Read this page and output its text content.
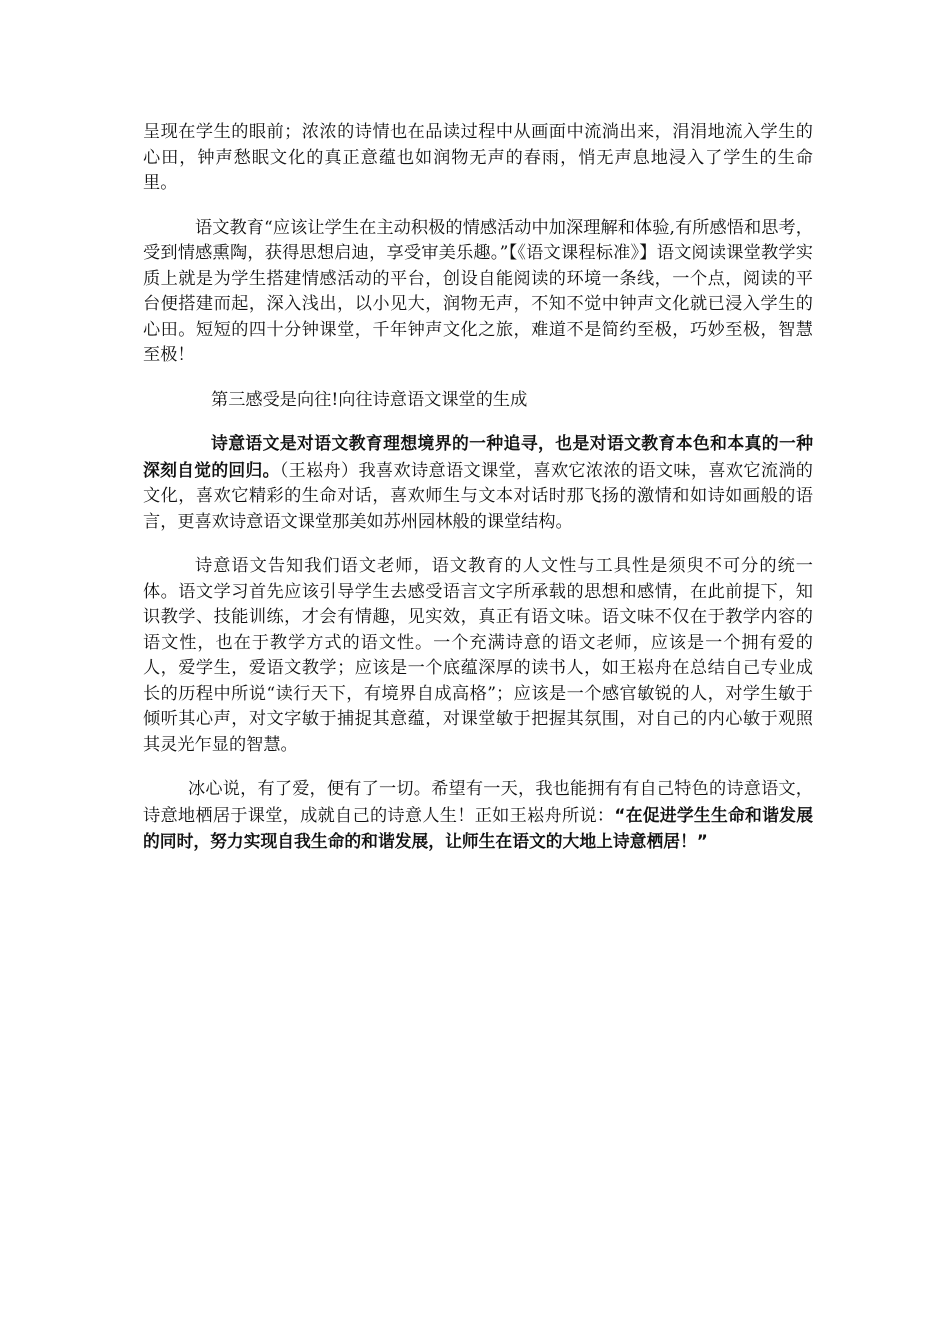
呈现在学生的眼前；浓浓的诗情也在品读过程中从画面中流淌出来，涓涓地流入学生的心田，钟声愁眠文化的真正意蕴也如润物无声的春雨，悄无声息地浸入了学生的生命里。

语文教育“应该让学生在主动积极的情感活动中加深理解和体验,有所感悟和思考，受到情感熏陶，获得思想启迪，享受审美乐趣。”【《语文课程标准》】语文阅读课堂教学实质上就是为学生搭建情感活动的平台，创设自能阅读的环境一条线，一个点，阅读的平台便搭建而起，深入浅出，以小见大，润物无声，不知不觉中钟声文化就已浸入学生的心田。短短的四十分钟课堂，千年钟声文化之旅，难道不是简约至极，巧妙至极，智慧至极！

第三感受是向往!向往诗意语文课堂的生成

诗意语文是对语文教育理想境界的一种追寻，也是对语文教育本色和本真的一种深刻自觉的回归。（王崧舟）我喜欢诗意语文课堂，喜欢它浓浓的语文味，喜欢它流淌的文化，喜欢它精彩的生命对话，喜欢师生与文本对话时那飞扬的激情和如诗如画般的语言，更喜欢诗意语文课堂那美如苏州园林般的课堂结构。

诗意语文告知我们语文老师，语文教育的人文性与工具性是须臾不可分的统一体。语文学习首先应该引导学生去感受语言文字所承载的思想和感情，在此前提下，知识教学、技能训练，才会有情趣，见实效，真正有语文味。语文味不仅在于教学内容的语文性，也在于教学方式的语文性。一个充满诗意的语文老师，应该是一个拥有爱的人，爱学生，爱语文教学；应该是一个底蕴深厚的读书人，如王崧舟在总结自己专业成长的历程中所说“读行天下，有境界自成高格”；应该是一个感官敏锐的人，对学生敏于倾听其心声，对文字敏于捕捉其意蕴，对课堂敏于把握其氛围，对自己的内心敏于观照其灵光乍显的智慧。

冰心说，有了爱，便有了一切。希望有一天，我也能拥有有自己特色的诗意语文，诗意地栖居于课堂，成就自己的诗意人生！正如王崧舟所说：“在促进学生生命和谐发展的同时，努力实现自我生命的和谐发展，让师生在语文的大地上诗意栖居！”
